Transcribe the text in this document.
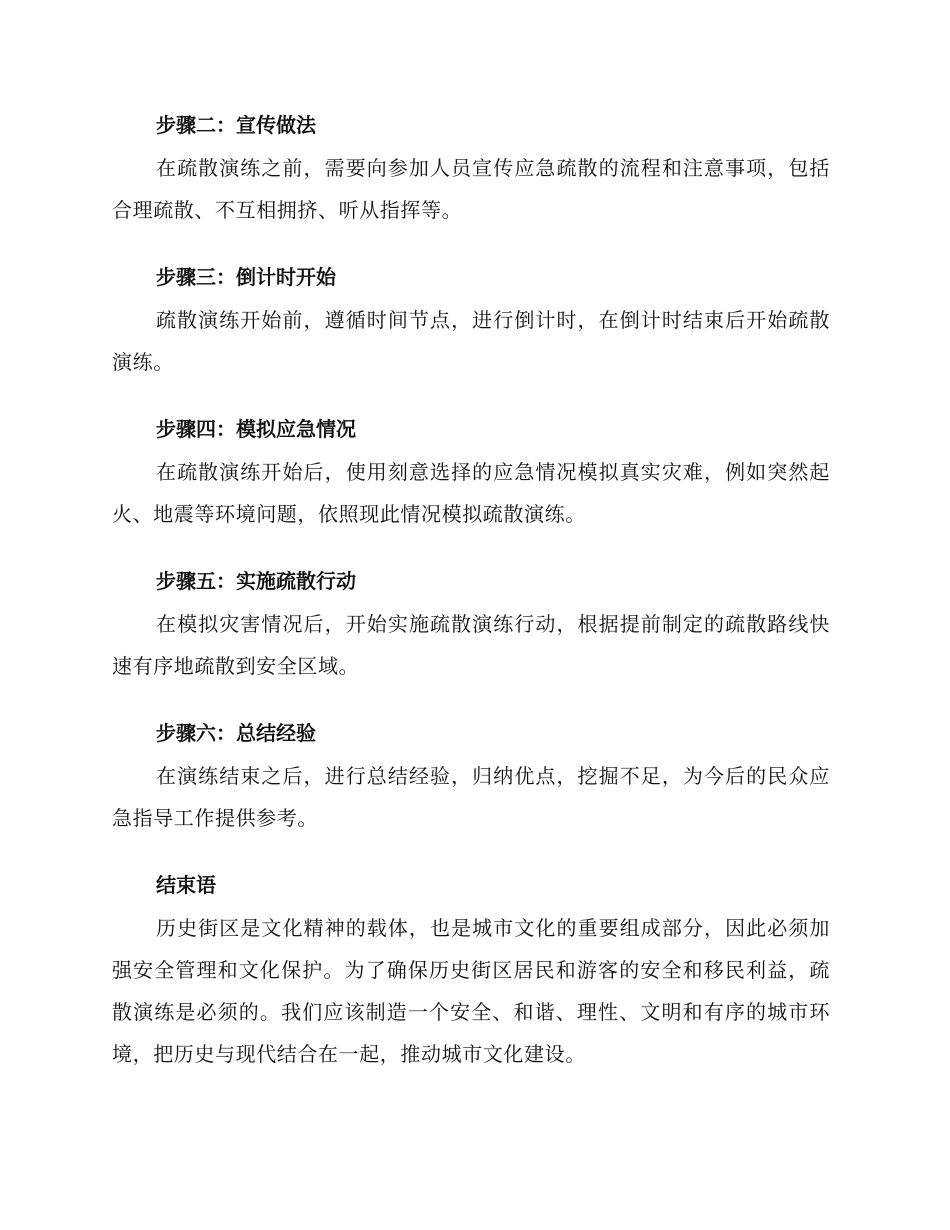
步骤二：宣传做法

在疏散演练之前，需要向参加人员宣传应急疏散的流程和注意事项，包括合理疏散、不互相拥挤、听从指挥等。

步骤三：倒计时开始

疏散演练开始前，遵循时间节点，进行倒计时，在倒计时结束后开始疏散演练。

步骤四：模拟应急情况

在疏散演练开始后，使用刻意选择的应急情况模拟真实灾难，例如突然起火、地震等环境问题，依照现此情况模拟疏散演练。

步骤五：实施疏散行动

在模拟灾害情况后，开始实施疏散演练行动，根据提前制定的疏散路线快速有序地疏散到安全区域。

步骤六：总结经验

在演练结束之后，进行总结经验，归纳优点，挖掘不足，为今后的民众应急指导工作提供参考。

结束语

历史街区是文化精神的载体，也是城市文化的重要组成部分，因此必须加强安全管理和文化保护。为了确保历史街区居民和游客的安全和移民利益，疏散演练是必须的。我们应该制造一个安全、和谐、理性、文明和有序的城市环境，把历史与现代结合在一起，推动城市文化建设。
